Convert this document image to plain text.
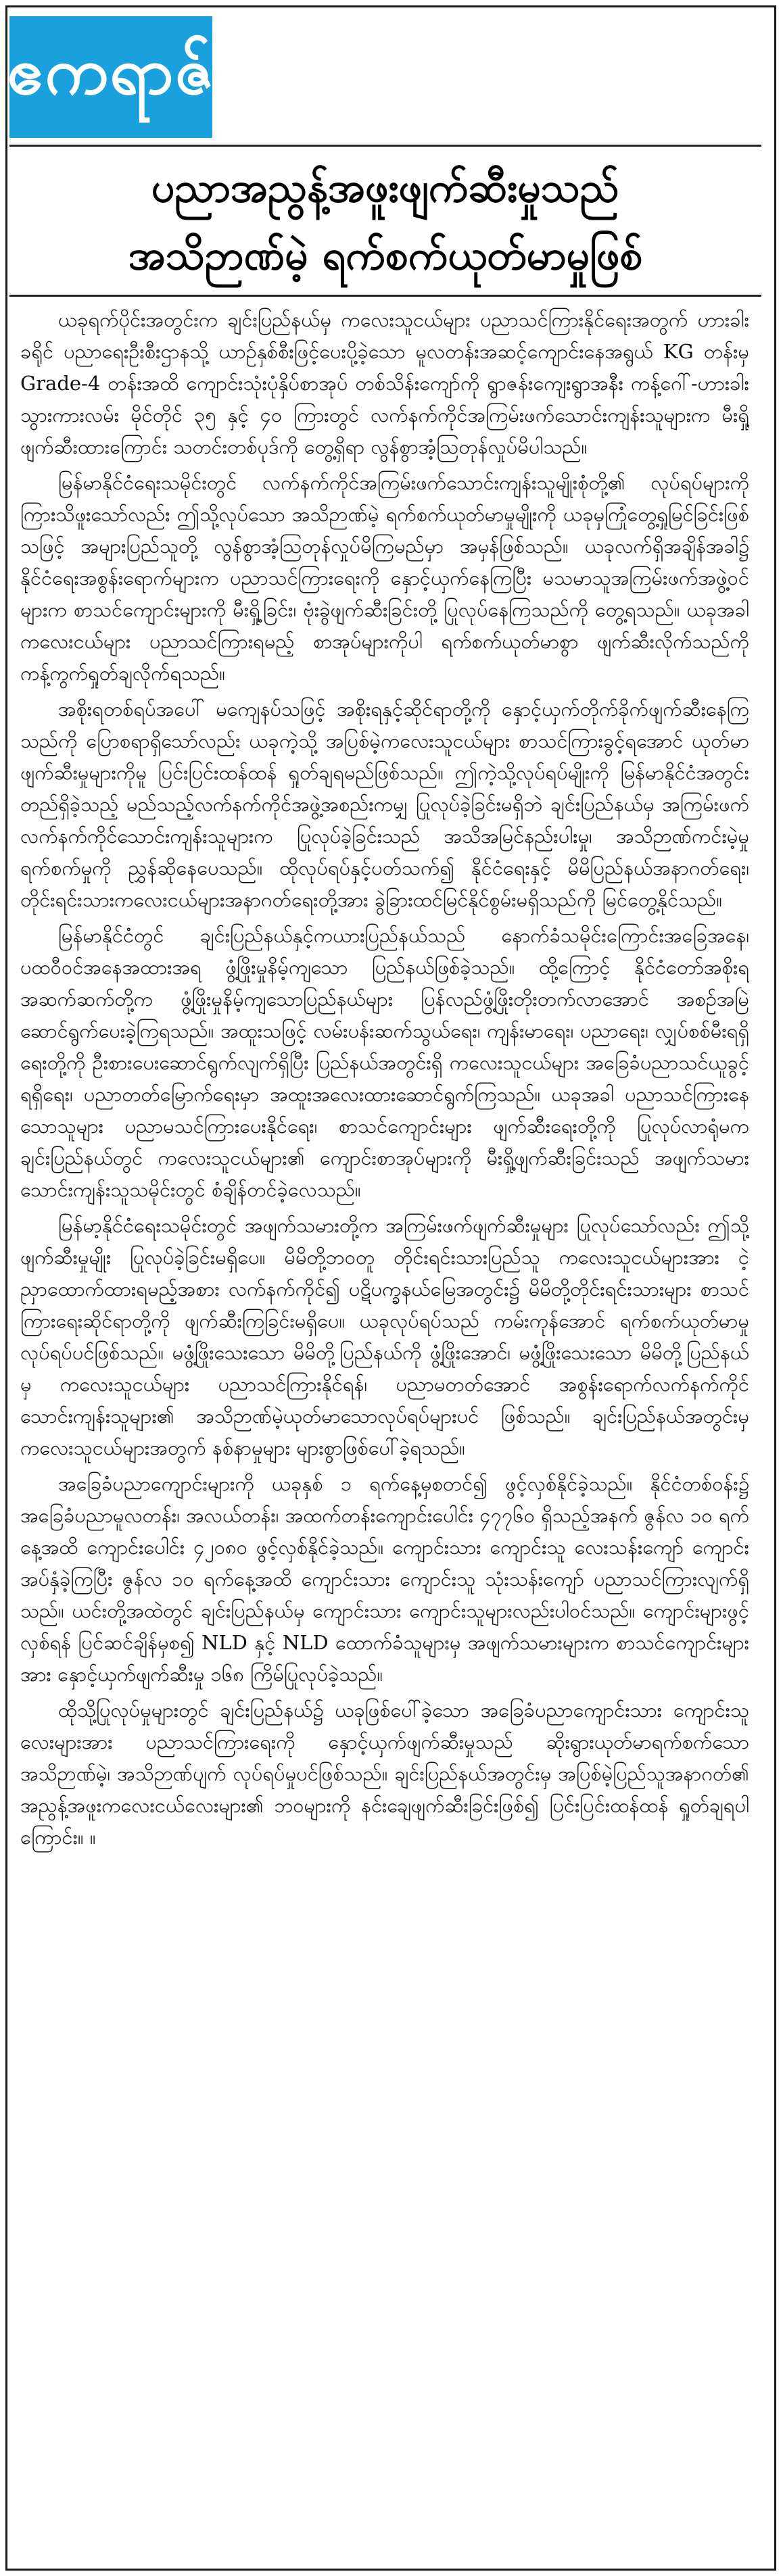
ဧကရာဇ်
ပညာအညွန့်အဖူးဖျက်ဆီးမှုသည်
အသိဉာဏ်မဲ့ ရက်စက်ယုတ်မာမှုဖြစ်

ယခုရက်ပိုင်းအတွင်းက ချင်းပြည်နယ်မှ ကလေးသူငယ်များ ပညာသင်ကြားနိုင်ရေးအတွက် ဟားခါးခရိုင် ပညာရေးဦးစီးဌာနသို့ ယာဉ်နှစ်စီးဖြင့်ပေးပို့ခဲ့သော မူလတန်းအဆင့်ကျောင်းနေအရွယ် KG တန်းမှ Grade-4 တန်းအထိ ကျောင်းသုံးပုံနှိပ်စာအုပ် တစ်သိန်းကျော်ကို ရွာဇန်းကျေးရွာအနီး ကန့်ဂေါ်-ဟားခါးသွားကားလမ်း မိုင်တိုင် ၃၅ နှင့် ၄၀ ကြားတွင် လက်နက်ကိုင်အကြမ်းဖက်သောင်းကျန်းသူများက မီးရှို့ဖျက်ဆီးထားကြောင်း သတင်းတစ်ပုဒ်ကို တွေ့ရှိရာ လွန်စွာအံ့ဩတုန်လှုပ်မိပါသည်။

မြန်မာနိုင်ငံရေးသမိုင်းတွင် လက်နက်ကိုင်အကြမ်းဖက်သောင်းကျန်းသူမျိုးစုံတို့၏ လုပ်ရပ်များကိုကြားသိဖူးသော်လည်း ဤသို့လုပ်သော အသိဉာဏ်မဲ့ ရက်စက်ယုတ်မာမှုမျိုးကို ယခုမှကြုံတွေ့ရှုမြင်ခြင်းဖြစ်သဖြင့် အများပြည်သူတို့ လွန်စွာအံ့ဩတုန်လှုပ်မိကြမည်မှာ အမှန်ဖြစ်သည်။ ယခုလက်ရှိအချိန်အခါ၌ နိုင်ငံရေးအစွန်းရောက်များက ပညာသင်ကြားရေးကို နှောင့်ယှက်နေကြပြီး မသမာသူအကြမ်းဖက်အဖွဲ့ဝင်များက စာသင်ကျောင်းများကို မီးရှို့ခြင်း၊ ဗုံးခွဲဖျက်ဆီးခြင်းတို့ ပြုလုပ်နေကြသည်ကို တွေ့ရသည်။ ယခုအခါ ကလေးငယ်များ ပညာသင်ကြားရမည့် စာအုပ်များကိုပါ ရက်စက်ယုတ်မာစွာ ဖျက်ဆီးလိုက်သည်ကို ကန့်ကွက်ရှုတ်ချလိုက်ရသည်။

အစိုးရတစ်ရပ်အပေါ် မကျေနပ်သဖြင့် အစိုးရနှင့်ဆိုင်ရာတို့ကို နှောင့်ယှက်တိုက်ခိုက်ဖျက်ဆီးနေကြသည်ကို ပြောစရာရှိသော်လည်း ယခုကဲ့သို့ အပြစ်မဲ့ကလေးသူငယ်များ စာသင်ကြားခွင့်ရအောင် ယုတ်မာဖျက်ဆီးမှုများကိုမူ ပြင်းပြင်းထန်ထန် ရှုတ်ချရမည်ဖြစ်သည်။ ဤကဲ့သို့လုပ်ရပ်မျိုးကို မြန်မာနိုင်ငံအတွင်း တည်ရှိခဲ့သည့် မည်သည့်လက်နက်ကိုင်အဖွဲ့အစည်းကမျှ ပြုလုပ်ခဲ့ခြင်းမရှိဘဲ ချင်းပြည်နယ်မှ အကြမ်းဖက်လက်နက်ကိုင်သောင်းကျန်းသူများက ပြုလုပ်ခဲ့ခြင်းသည် အသိအမြင်နည်းပါးမှု၊ အသိဉာဏ်ကင်းမဲ့မှု ရက်စက်မှုကို ညွှန်ဆိုနေပေသည်။ ထိုလုပ်ရပ်နှင့်ပတ်သက်၍ နိုင်ငံရေးနှင့် မိမိပြည်နယ်အနာဂတ်ရေး၊ တိုင်းရင်းသားကလေးငယ်များအနာဂတ်ရေးတို့အား ခွဲခြားထင်မြင်နိုင်စွမ်းမရှိသည်ကို မြင်တွေ့နိုင်သည်။

မြန်မာနိုင်ငံတွင် ချင်းပြည်နယ်နှင့်ကယားပြည်နယ်သည် နောက်ခံသမိုင်းကြောင်းအခြေအနေ၊ ပထဝီဝင်အနေအထားအရ ဖွံ့ဖြိုးမှုနိမ့်ကျသော ပြည်နယ်ဖြစ်ခဲ့သည်။ ထို့ကြောင့် နိုင်ငံတော်အစိုးရအဆက်ဆက်တို့က ဖွံ့ဖြိုးမှုနိမ့်ကျသောပြည်နယ်များ ပြန်လည်ဖွံ့ဖြိုးတိုးတက်လာအောင် အစဉ်အမြဲဆောင်ရွက်ပေးခဲ့ကြရသည်။ အထူးသဖြင့် လမ်းပန်းဆက်သွယ်ရေး၊ ကျန်းမာရေး၊ ပညာရေး၊ လျှပ်စစ်မီးရရှိရေးတို့ကို ဦးစားပေးဆောင်ရွက်လျက်ရှိပြီး ပြည်နယ်အတွင်းရှိ ကလေးသူငယ်များ အခြေခံပညာသင်ယူခွင့်ရရှိရေး၊ ပညာတတ်မြောက်ရေးမှာ အထူးအလေးထားဆောင်ရွက်ကြသည်။ ယခုအခါ ပညာသင်ကြားနေသောသူများ ပညာမသင်ကြားပေးနိုင်ရေး၊ စာသင်ကျောင်းများ ဖျက်ဆီးရေးတို့ကို ပြုလုပ်လာရုံမက ချင်းပြည်နယ်တွင် ကလေးသူငယ်များ၏ ကျောင်းစာအုပ်များကို မီးရှို့ဖျက်ဆီးခြင်းသည် အဖျက်သမားသောင်းကျန်းသူသမိုင်းတွင် စံချိန်တင်ခဲ့လေသည်။

မြန်မာ့နိုင်ငံရေးသမိုင်းတွင် အဖျက်သမားတို့က အကြမ်းဖက်ဖျက်ဆီးမှုများ ပြုလုပ်သော်လည်း ဤသို့ဖျက်ဆီးမှုမျိုး ပြုလုပ်ခဲ့ခြင်းမရှိပေ။ မိမိတို့ဘဝတူ တိုင်းရင်းသားပြည်သူ ကလေးသူငယ်များအား ငဲ့ညှာထောက်ထားရမည့်အစား လက်နက်ကိုင်၍ ပဋိပက္ခနယ်မြေအတွင်း၌ မိမိတို့တိုင်းရင်းသားများ စာသင်ကြားရေးဆိုင်ရာတို့ကို ဖျက်ဆီးကြခြင်းမရှိပေ။ ယခုလုပ်ရပ်သည် ကမ်းကုန်အောင် ရက်စက်ယုတ်မာမှုလုပ်ရပ်ပင်ဖြစ်သည်။ မဖွံ့ဖြိုးသေးသော မိမိတို့ပြည်နယ်ကို ဖွံ့ဖြိုးအောင်၊ မဖွံ့ဖြိုးသေးသော မိမိတို့ပြည်နယ်မှ ကလေးသူငယ်များ ပညာသင်ကြားနိုင်ရန်၊ ပညာမတတ်အောင် အစွန်းရောက်လက်နက်ကိုင်သောင်းကျန်းသူများ၏ အသိဉာဏ်မဲ့ယုတ်မာသောလုပ်ရပ်များပင် ဖြစ်သည်။ ချင်းပြည်နယ်အတွင်းမှ ကလေးသူငယ်များအတွက် နစ်နာမှုများ များစွာဖြစ်ပေါ်ခဲ့ရသည်။

အခြေခံပညာကျောင်းများကို ယခုနှစ် ၁ ရက်နေ့မှစတင်၍ ဖွင့်လှစ်နိုင်ခဲ့သည်။ နိုင်ငံတစ်ဝန်း၌ အခြေခံပညာမူလတန်း၊ အလယ်တန်း၊ အထက်တန်းကျောင်းပေါင်း ၄၇၇၆၀ ရှိသည့်အနက် ဇွန်လ ၁၀ ရက်နေ့အထိ ကျောင်းပေါင်း ၄၂၀၈၀ ဖွင့်လှစ်နိုင်ခဲ့သည်။ ကျောင်းသား ကျောင်းသူ လေးသန်းကျော် ကျောင်းအပ်နှံခဲ့ကြပြီး ဇွန်လ ၁၀ ရက်နေ့အထိ ကျောင်းသား ကျောင်းသူ သုံးသန်းကျော် ပညာသင်ကြားလျက်ရှိသည်။ ယင်းတို့အထဲတွင် ချင်းပြည်နယ်မှ ကျောင်းသား ကျောင်းသူများလည်းပါဝင်သည်။ ကျောင်းများဖွင့်လှစ်ရန် ပြင်ဆင်ချိန်မှစ၍ NLD နှင့် NLD ထောက်ခံသူများမှ အဖျက်သမားများက စာသင်ကျောင်းများအား နှောင့်ယှက်ဖျက်ဆီးမှု ၁၆၈ ကြိမ်ပြုလုပ်ခဲ့သည်။

ထိုသို့ပြုလုပ်မှုများတွင် ချင်းပြည်နယ်၌ ယခုဖြစ်ပေါ်ခဲ့သော အခြေခံပညာကျောင်းသား ကျောင်းသူလေးများအား ပညာသင်ကြားရေးကို နှောင့်ယှက်ဖျက်ဆီးမှုသည် ဆိုးရွားယုတ်မာရက်စက်သော အသိဉာဏ်မဲ့၊ အသိဉာဏ်ပျက် လုပ်ရပ်မှုပင်ဖြစ်သည်။ ချင်းပြည်နယ်အတွင်းမှ အပြစ်မဲ့ပြည်သူအနာဂတ်၏ အညွန့်အဖူးကလေးငယ်လေးများ၏ ဘဝများကို နင်းချေဖျက်ဆီးခြင်းဖြစ်၍ ပြင်းပြင်းထန်ထန် ရှုတ်ချရပါကြောင်း။ ။
